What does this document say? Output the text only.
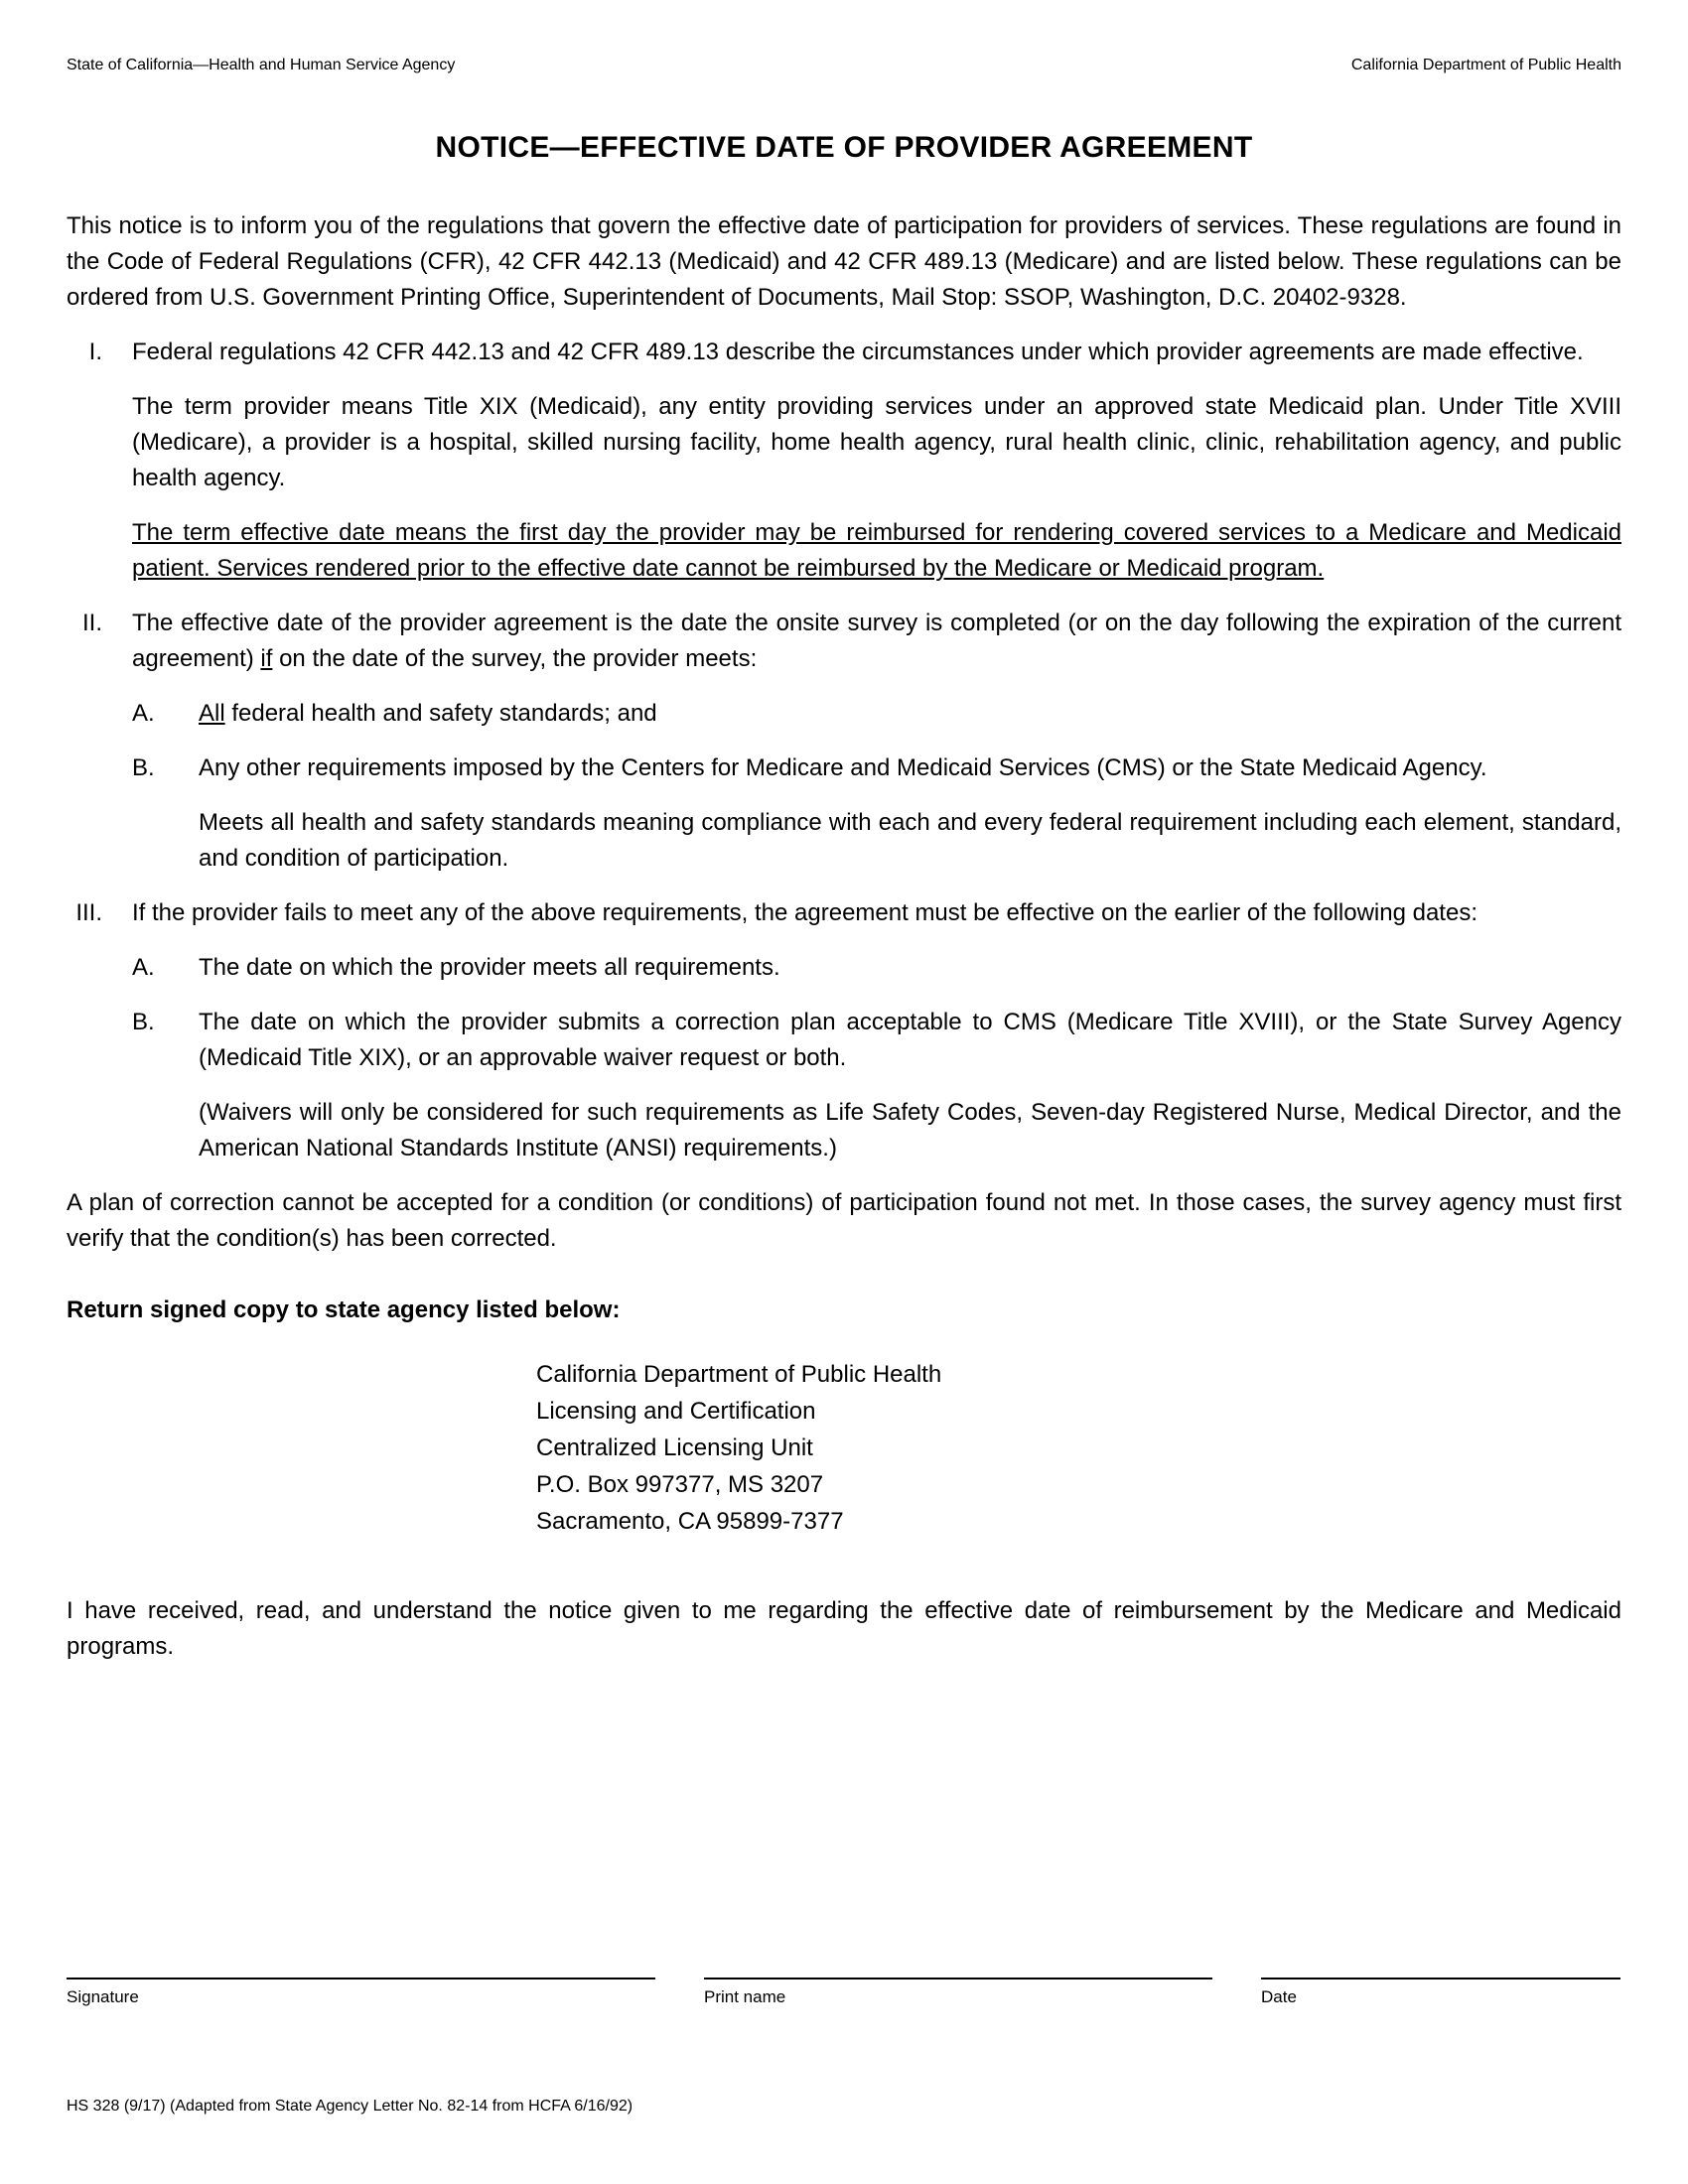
State of California—Health and Human Service Agency	California Department of Public Health
NOTICE—EFFECTIVE DATE OF PROVIDER AGREEMENT

This notice is to inform you of the regulations that govern the effective date of participation for providers of services. These regulations are found in the Code of Federal Regulations (CFR), 42 CFR 442.13 (Medicaid) and 42 CFR 489.13 (Medicare) and are listed below. These regulations can be ordered from U.S. Government Printing Office, Superintendent of Documents, Mail Stop: SSOP, Washington, D.C. 20402-9328.

I.	Federal regulations 42 CFR 442.13 and 42 CFR 489.13 describe the circumstances under which provider agreements are made effective.

The term provider means Title XIX (Medicaid), any entity providing services under an approved state Medicaid plan. Under Title XVIII (Medicare), a provider is a hospital, skilled nursing facility, home health agency, rural health clinic, clinic, rehabilitation agency, and public health agency.

The term effective date means the first day the provider may be reimbursed for rendering covered services to a Medicare and Medicaid patient. Services rendered prior to the effective date cannot be reimbursed by the Medicare or Medicaid program.

II.	The effective date of the provider agreement is the date the onsite survey is completed (or on the day following the expiration of the current agreement) if on the date of the survey, the provider meets:
A.	All federal health and safety standards; and
B.	Any other requirements imposed by the Centers for Medicare and Medicaid Services (CMS) or the State Medicaid Agency.

Meets all health and safety standards meaning compliance with each and every federal requirement including each element, standard, and condition of participation.

III.	If the provider fails to meet any of the above requirements, the agreement must be effective on the earlier of the following dates:
A.	The date on which the provider meets all requirements.
B.	The date on which the provider submits a correction plan acceptable to CMS (Medicare Title XVIII), or the State Survey Agency (Medicaid Title XIX), or an approvable waiver request or both.

(Waivers will only be considered for such requirements as Life Safety Codes, Seven-day Registered Nurse, Medical Director, and the American National Standards Institute (ANSI) requirements.)

A plan of correction cannot be accepted for a condition (or conditions) of participation found not met. In those cases, the survey agency must first verify that the condition(s) has been corrected.

Return signed copy to state agency listed below:
California Department of Public Health
Licensing and Certification
Centralized Licensing Unit
P.O. Box 997377, MS 3207
Sacramento, CA 95899-7377

I have received, read, and understand the notice given to me regarding the effective date of reimbursement by the Medicare and Medicaid programs.

Signature	Print name	Date
HS 328 (9/17) (Adapted from State Agency Letter No. 82-14 from HCFA 6/16/92)
